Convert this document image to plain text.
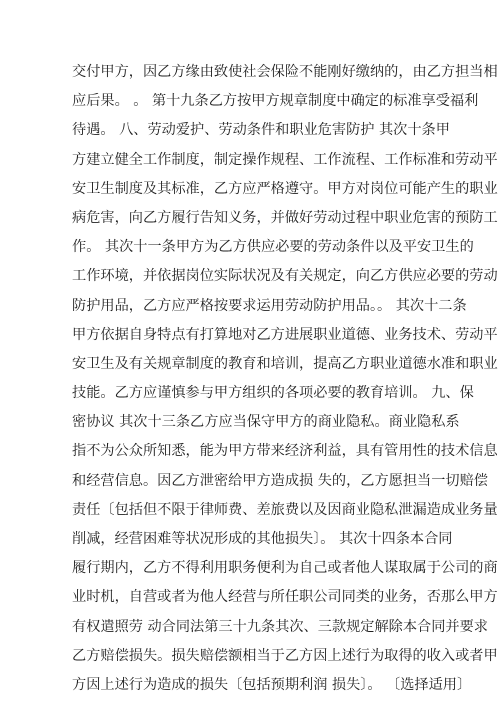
交付甲方，因乙方缘由致使社会保险不能刚好缴纳的，由乙方担当相
应后果。 。 第十九条乙方按甲方规章制度中确定的标准享受福利
待遇。 八、劳动爱护、劳动条件和职业危害防护 其次十条甲
方建立健全工作制度，制定操作规程、工作流程、工作标准和劳动平
安卫生制度及其标准，乙方应严格遵守。甲方对岗位可能产生的职业
病危害，向乙方履行告知义务，并做好劳动过程中职业危害的预防工
作。 其次十一条甲方为乙方供应必要的劳动条件以及平安卫生的
工作环境，并依据岗位实际状况及有关规定，向乙方供应必要的劳动
防护用品，乙方应严格按要求运用劳动防护用品。。 其次十二条
甲方依据自身特点有打算地对乙方进展职业道德、业务技术、劳动平
安卫生及有关规章制度的教育和培训，提高乙方职业道德水准和职业
技能。乙方应谨慎参与甲方组织的各项必要的教育培训。 九、保
密协议 其次十三条乙方应当保守甲方的商业隐私。商业隐私系
指不为公众所知悉，能为甲方带来经济利益，具有管用性的技术信息
和经营信息。因乙方泄密给甲方造成损 失的，乙方愿担当一切赔偿
责任〔包括但不限于律师费、差旅费以及因商业隐私泄漏造成业务量
削减，经营困难等状况形成的其他损失〕。 其次十四条本合同
履行期内，乙方不得利用职务便利为自己或者他人谋取属于公司的商
业时机，自营或者为他人经营与所任职公司同类的业务，否那么甲方
有权遣照劳 动合同法第三十九条其次、三款规定解除本合同并要求
乙方赔偿损失。损失赔偿额相当于乙方因上述行为取得的收入或者甲
方因上述行为造成的损失〔包括预期利润 损失〕。 〔选择适用〕
